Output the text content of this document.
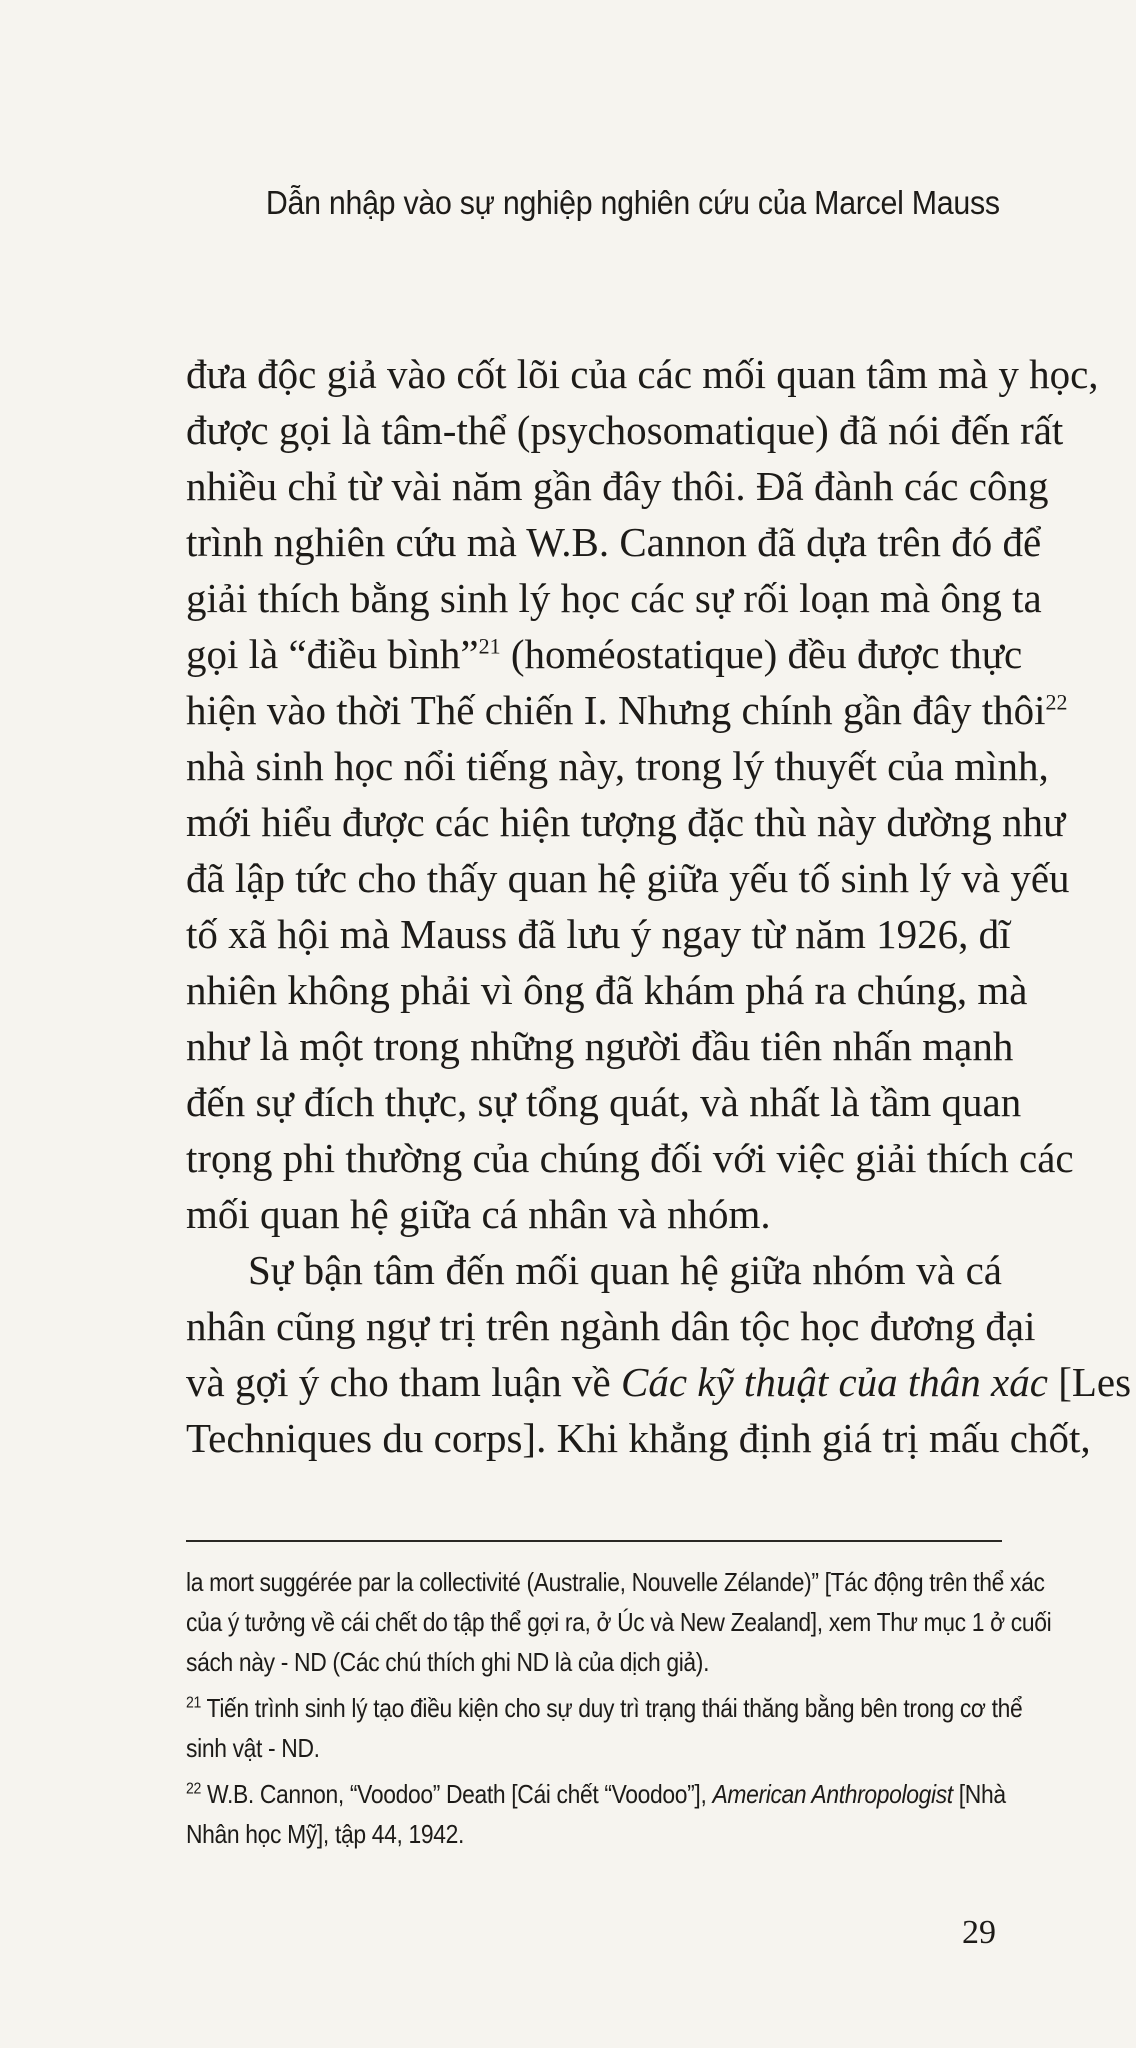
Dẫn nhập vào sự nghiệp nghiên cứu của Marcel Mauss
đưa độc giả vào cốt lõi của các mối quan tâm mà y học,
được gọi là tâm-thể (psychosomatique) đã nói đến rất
nhiều chỉ từ vài năm gần đây thôi. Đã đành các công
trình nghiên cứu mà W.B. Cannon đã dựa trên đó để
giải thích bằng sinh lý học các sự rối loạn mà ông ta
gọi là “điều bình”$^{21}$ (homéostatique) đều được thực
hiện vào thời Thế chiến I. Nhưng chính gần đây thôi$^{22}$
nhà sinh học nổi tiếng này, trong lý thuyết của mình,
mới hiểu được các hiện tượng đặc thù này dường như
đã lập tức cho thấy quan hệ giữa yếu tố sinh lý và yếu
tố xã hội mà Mauss đã lưu ý ngay từ năm 1926, dĩ
nhiên không phải vì ông đã khám phá ra chúng, mà
như là một trong những người đầu tiên nhấn mạnh
đến sự đích thực, sự tổng quát, và nhất là tầm quan
trọng phi thường của chúng đối với việc giải thích các
mối quan hệ giữa cá nhân và nhóm.
Sự bận tâm đến mối quan hệ giữa nhóm và cá
nhân cũng ngự trị trên ngành dân tộc học đương đại
và gợi ý cho tham luận về Các kỹ thuật của thân xác [Les
Techniques du corps]. Khi khẳng định giá trị mấu chốt,
la mort suggérée par la collectivité (Australie, Nouvelle Zélande)” [Tác động trên thể xác
của ý tưởng về cái chết do tập thể gợi ra, ở Úc và New Zealand], xem Thư mục 1 ở cuối
sách này - ND (Các chú thích ghi ND là của dịch giả).
$^{21}$ Tiến trình sinh lý tạo điều kiện cho sự duy trì trạng thái thăng bằng bên trong cơ thể
sinh vật - ND.
$^{22}$ W.B. Cannon, “Voodoo” Death [Cái chết “Voodoo”], American Anthropologist [Nhà
Nhân học Mỹ], tập 44, 1942.
29
